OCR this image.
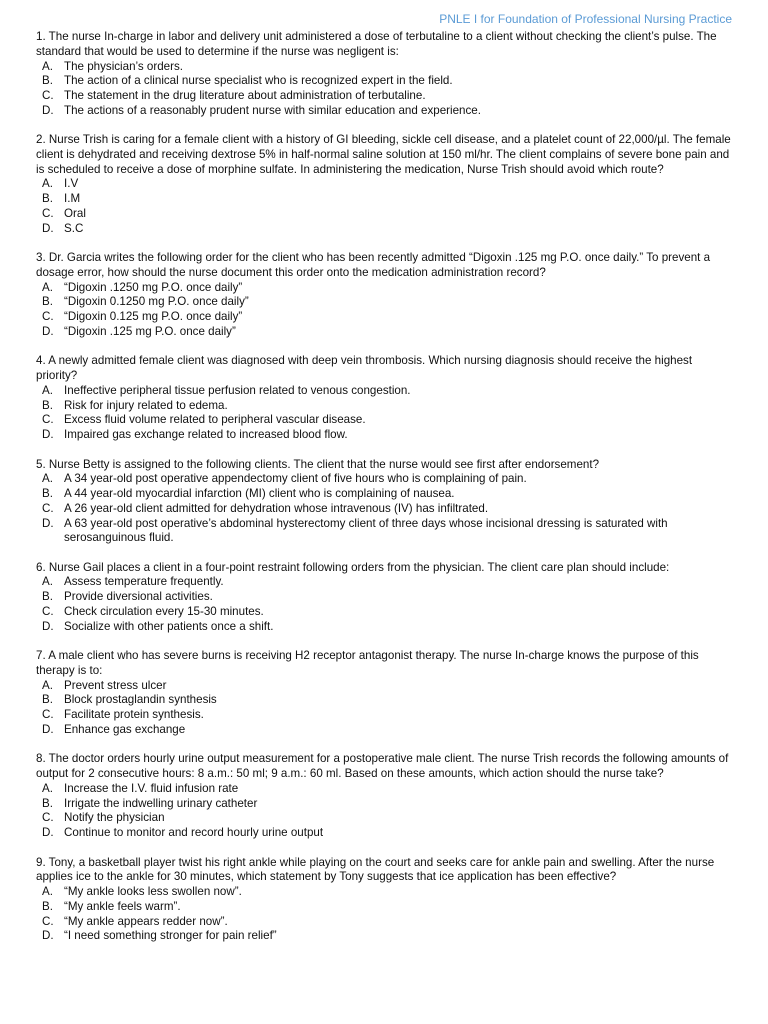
PNLE I for Foundation of Professional Nursing Practice
1. The nurse In-charge in labor and delivery unit administered a dose of terbutaline to a client without checking the client’s pulse. The standard that would be used to determine if the nurse was negligent is:
A. The physician’s orders.
B. The action of a clinical nurse specialist who is recognized expert in the field.
C. The statement in the drug literature about administration of terbutaline.
D. The actions of a reasonably prudent nurse with similar education and experience.
2. Nurse Trish is caring for a female client with a history of GI bleeding, sickle cell disease, and a platelet count of 22,000/µl. The female client is dehydrated and receiving dextrose 5% in half-normal saline solution at 150 ml/hr. The client complains of severe bone pain and is scheduled to receive a dose of morphine sulfate. In administering the medication, Nurse Trish should avoid which route?
A. I.V
B. I.M
C. Oral
D. S.C
3. Dr. Garcia writes the following order for the client who has been recently admitted “Digoxin .125 mg P.O. once daily.” To prevent a dosage error, how should the nurse document this order onto the medication administration record?
A. “Digoxin .1250 mg P.O. once daily”
B. “Digoxin 0.1250 mg P.O. once daily”
C. “Digoxin 0.125 mg P.O. once daily”
D. “Digoxin .125 mg P.O. once daily”
4. A newly admitted female client was diagnosed with deep vein thrombosis. Which nursing diagnosis should receive the highest priority?
A. Ineffective peripheral tissue perfusion related to venous congestion.
B. Risk for injury related to edema.
C. Excess fluid volume related to peripheral vascular disease.
D. Impaired gas exchange related to increased blood flow.
5. Nurse Betty is assigned to the following clients. The client that the nurse would see first after endorsement?
A. A 34 year-old post operative appendectomy client of five hours who is complaining of pain.
B. A 44 year-old myocardial infarction (MI) client who is complaining of nausea.
C. A 26 year-old client admitted for dehydration whose intravenous (IV) has infiltrated.
D. A 63 year-old post operative’s abdominal hysterectomy client of three days whose incisional dressing is saturated with serosanguinous fluid.
6. Nurse Gail places a client in a four-point restraint following orders from the physician. The client care plan should include:
A. Assess temperature frequently.
B. Provide diversional activities.
C. Check circulation every 15-30 minutes.
D. Socialize with other patients once a shift.
7. A male client who has severe burns is receiving H2 receptor antagonist therapy. The nurse In-charge knows the purpose of this therapy is to:
A. Prevent stress ulcer
B. Block prostaglandin synthesis
C. Facilitate protein synthesis.
D. Enhance gas exchange
8. The doctor orders hourly urine output measurement for a postoperative male client. The nurse Trish records the following amounts of output for 2 consecutive hours: 8 a.m.: 50 ml; 9 a.m.: 60 ml. Based on these amounts, which action should the nurse take?
A. Increase the I.V. fluid infusion rate
B. Irrigate the indwelling urinary catheter
C. Notify the physician
D. Continue to monitor and record hourly urine output
9. Tony, a basketball player twist his right ankle while playing on the court and seeks care for ankle pain and swelling. After the nurse applies ice to the ankle for 30 minutes, which statement by Tony suggests that ice application has been effective?
A. “My ankle looks less swollen now”.
B. “My ankle feels warm”.
C. “My ankle appears redder now”.
D. “I need something stronger for pain relief”
